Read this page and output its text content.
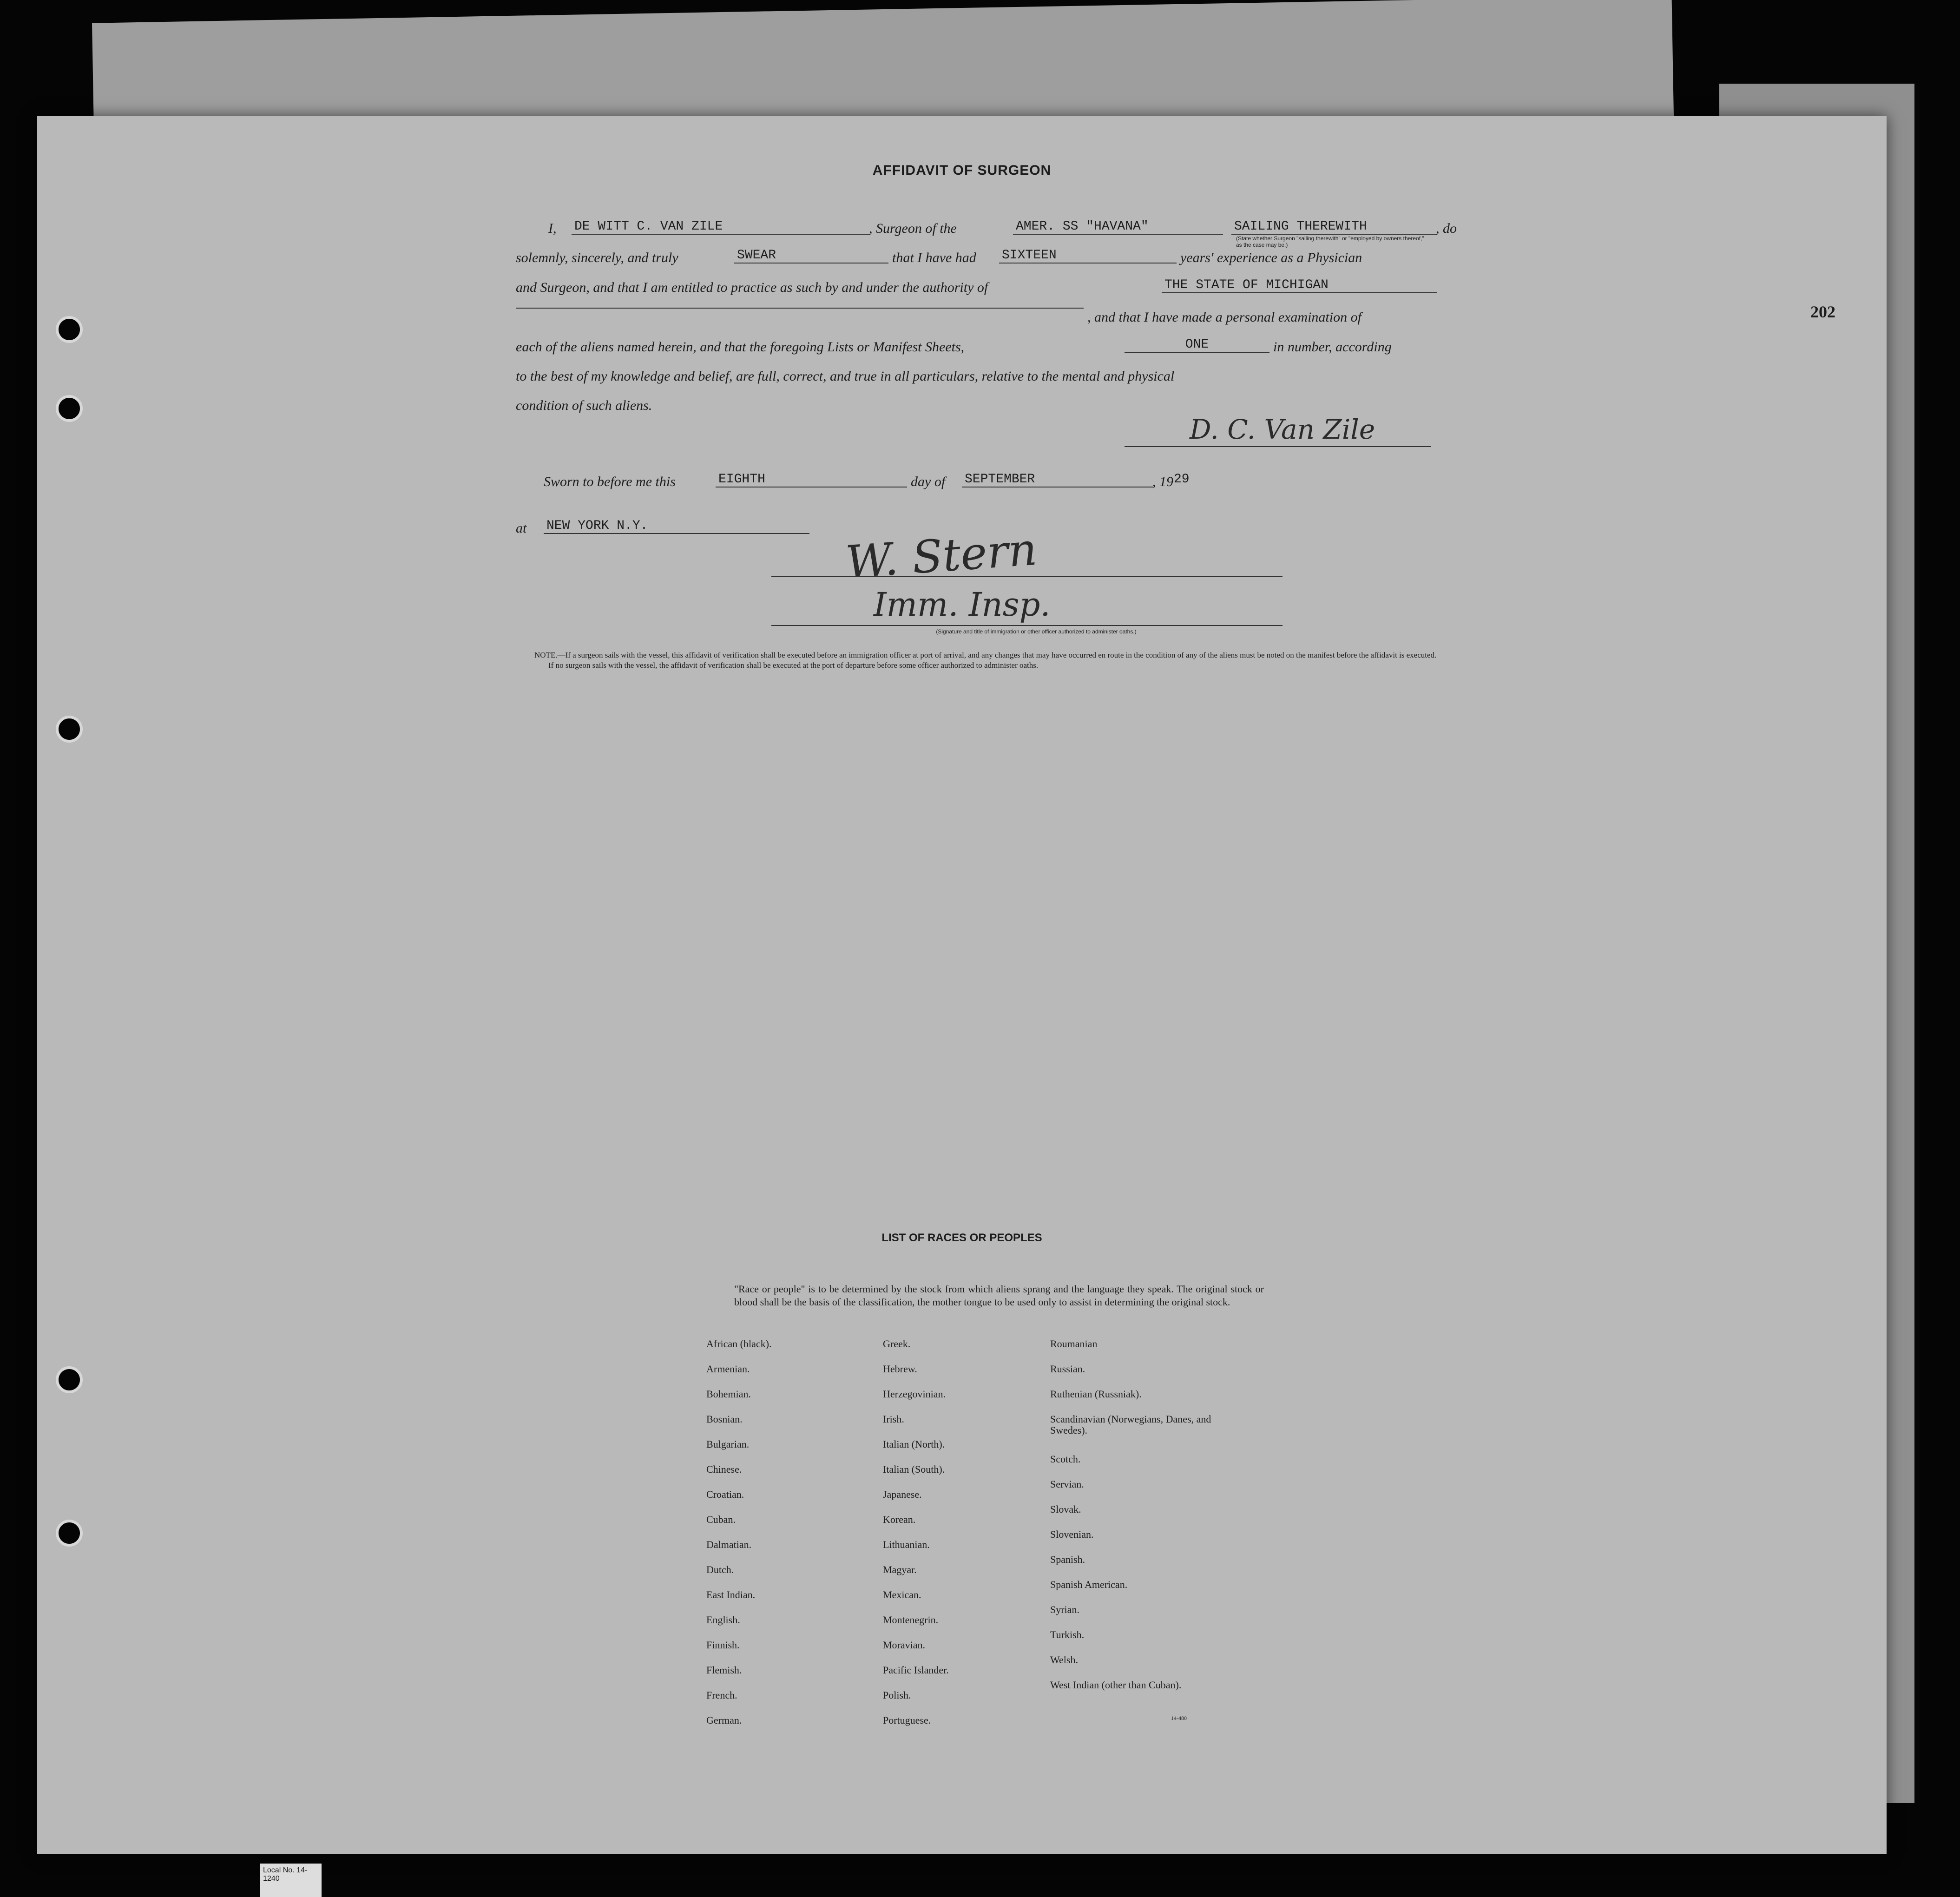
202
AFFIDAVIT OF SURGEON
I, DE WITT C. VAN ZILE	, Surgeon of the	AMER. SS "HAVANA"	SAILING THEREWITH	, do
(State whether Surgeon "sailing therewith" or "employed by owners thereof," as the case may be.)
solemnly, sincerely, and truly	SWEAR	that I have had SIXTEEN	years' experience as a Physician
and Surgeon, and that I am entitled to practice as such by and under the authority of	THE STATE OF MICHIGAN
, and that I have made a personal examination of
each of the aliens named herein, and that the foregoing Lists or Manifest Sheets,	ONE	in number, according
to the best of my knowledge and belief, are full, correct, and true in all particulars, relative to the mental and physical
condition of such aliens.
D. C. Van Zile
Sworn to before me this	EIGHTH	day of SEPTEMBER	, 19 29
at NEW YORK N.Y.	W. Stern
Imm. Insp.
(Signature and title of immigration or other officer authorized to administer oaths.)

NOTE.—If a surgeon sails with the vessel, this affidavit of verification shall be executed before an immigration officer at port of arrival, and any changes that may have occurred en route in the condition of any of the aliens must be noted on the manifest before the affidavit is executed.

If no surgeon sails with the vessel, the affidavit of verification shall be executed at the port of departure before some officer authorized to administer oaths.

LIST OF RACES OR PEOPLES
"Race or people" is to be determined by the stock from which aliens sprang and the language they speak. The original stock or blood shall be the basis of the classification, the mother tongue to be used only to assist in determining the original stock.
African (black).
Armenian.
Bohemian.
Bosnian.
Bulgarian.
Chinese.
Croatian.
Cuban.
Dalmatian.
Dutch.
East Indian.
English.
Finnish.
Flemish.
French.
German.
Greek.
Hebrew.
Herzegovinian.
Irish.
Italian (North).
Italian (South).
Japanese.
Korean.
Lithuanian.
Magyar.
Mexican.
Montenegrin.
Moravian.
Pacific Islander.
Polish.
Portuguese.
Roumanian
Russian.
Ruthenian (Russniak).
Scandinavian (Norwegians, Danes, and Swedes).
Scotch.
Servian.
Slovak.
Slovenian.
Spanish.
Spanish American.
Syrian.
Turkish.
Welsh.
West Indian (other than Cuban).
14-480
Local No. 14-1240
